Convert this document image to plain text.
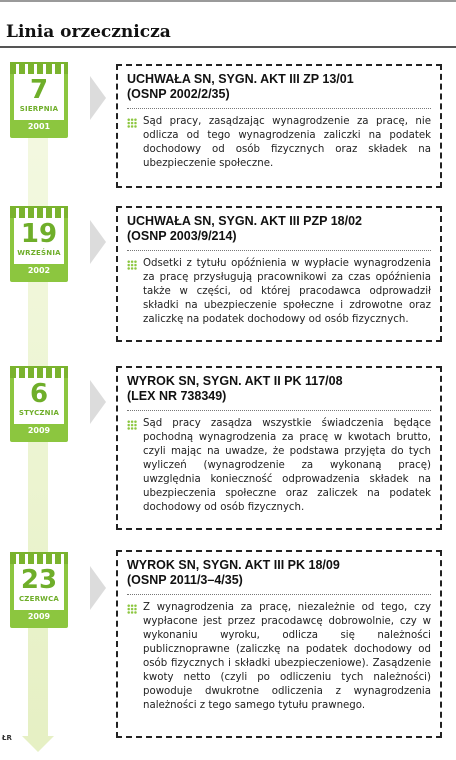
Linia orzecznicza
7
SIERPNIA
2001
UCHWAŁA SN, SYGN. AKT III ZP 13/01
(OSNP 2002/2/35)
Sąd pracy, zasądzając wynagrodzenie za pracę, nie odlicza od tego wynagrodzenia zaliczki na podatek dochodowy od osób fizycznych oraz składek na ubezpieczenie społeczne.
19
WRZEŚNIA
2002
UCHWAŁA SN, SYGN. AKT III PZP 18/02
(OSNP 2003/9/214)
Odsetki z tytułu opóźnienia w wypłacie wynagrodzenia za pracę przysługują pracownikowi za czas opóźnienia także w części, od której pracodawca odprowadził składki na ubezpieczenie społeczne i zdrowotne oraz zaliczkę na podatek dochodowy od osób fizycznych.
6
STYCZNIA
2009
WYROK SN, SYGN. AKT II PK 117/08
(LEX NR 738349)
Sąd pracy zasądza wszystkie świadczenia będące pochodną wynagrodzenia za pracę w kwotach brutto, czyli mając na uwadze, że podstawa przyjęta do tych wyliczeń (wynagrodzenie za wykonaną pracę) uwzględnia konieczność odprowadzenia składek na ubezpieczenia społeczne oraz zaliczek na podatek dochodowy od osób fizycznych.
23
CZERWCA
2009
WYROK SN, SYGN. AKT III PK 18/09
(OSNP 2011/3–4/35)
Z wynagrodzenia za pracę, niezależnie od tego, czy wypłacone jest przez pracodawcę dobrowolnie, czy w wykonaniu wyroku, odlicza się należności publicznoprawne (zaliczkę na podatek dochodowy od osób fizycznych i składki ubezpieczeniowe). Zasądzenie kwoty netto (czyli po odliczeniu tych należności) powoduje dwukrotne odliczenia z wynagrodzenia należności z tego samego tytułu prawnego.
ŁR
